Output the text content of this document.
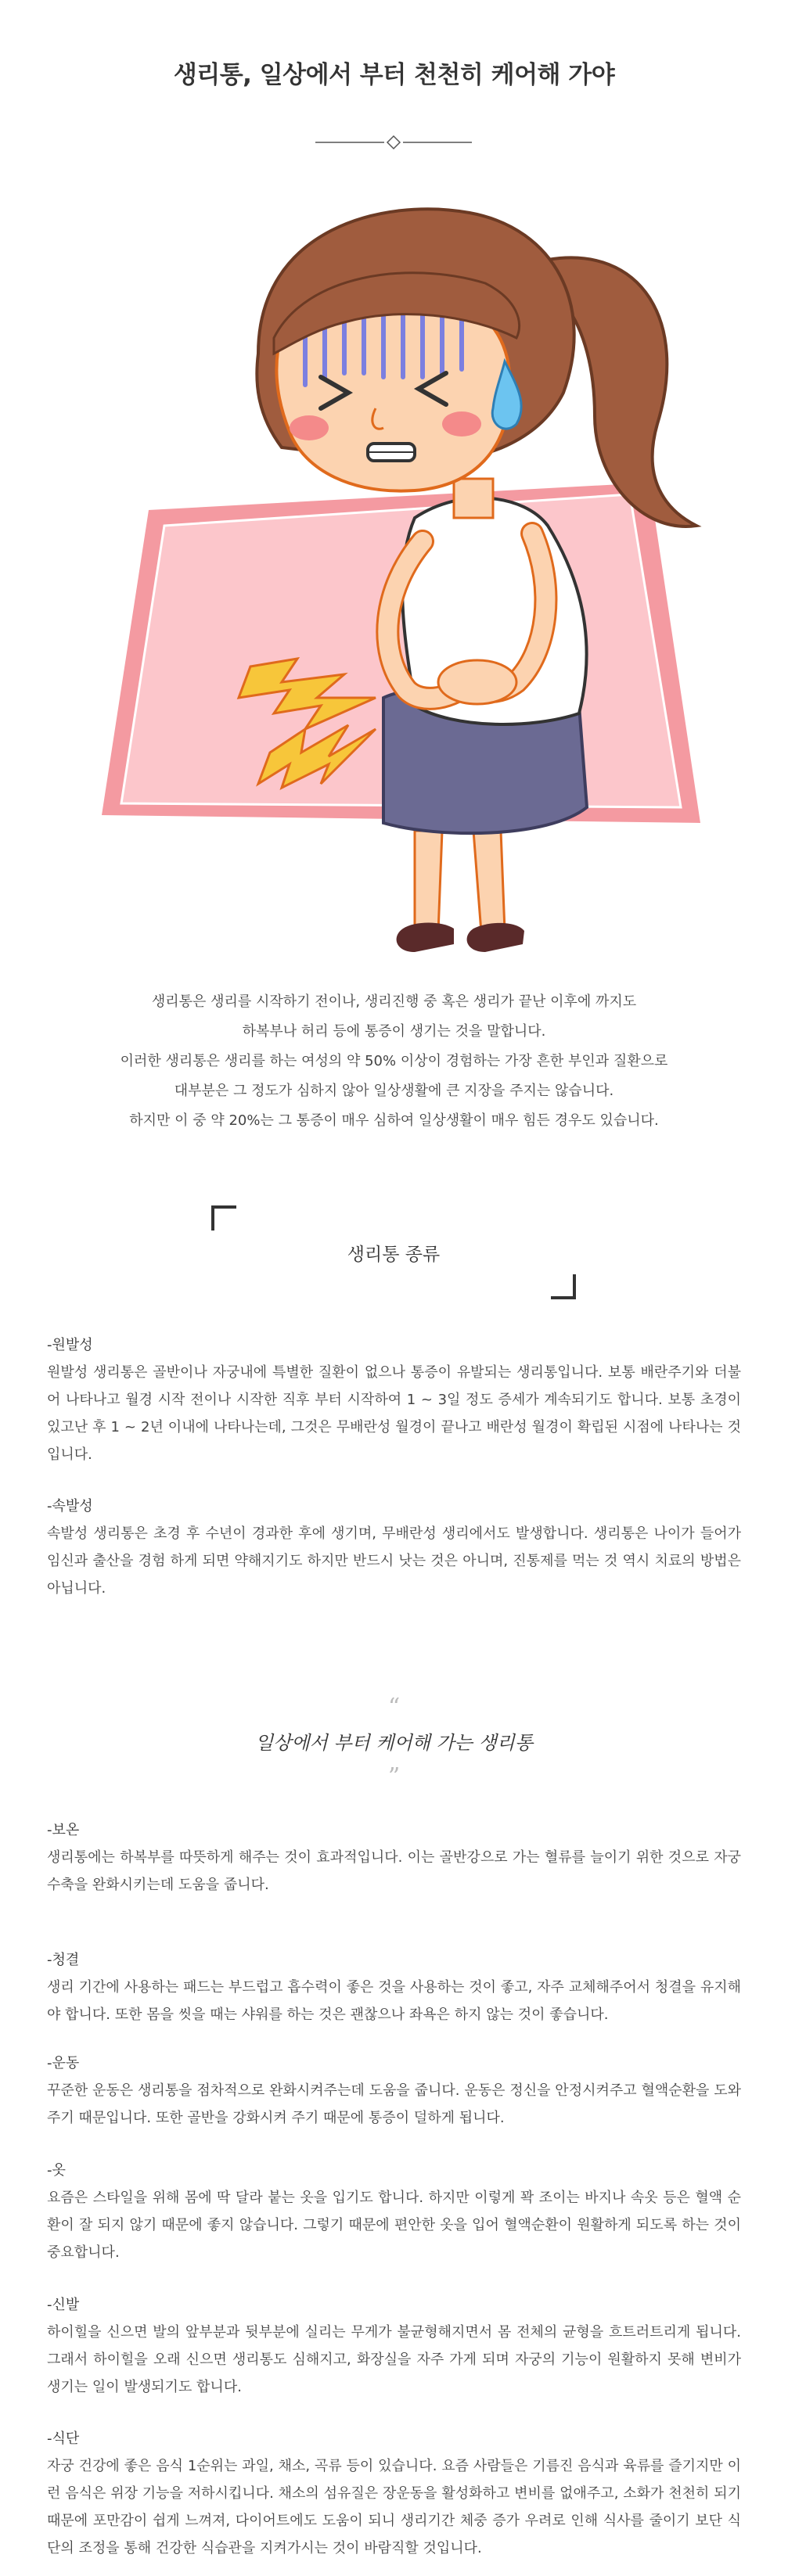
생리통, 일상에서 부터 천천히 케어해 가야

생리통은 생리를 시작하기 전이나, 생리진행 중 혹은 생리가 끝난 이후에 까지도

하복부나 허리 등에 통증이 생기는 것을 말합니다.

이러한 생리통은 생리를 하는 여성의 약 50% 이상이 경험하는 가장 흔한 부인과 질환으로

대부분은 그 정도가 심하지 않아 일상생활에 큰 지장을 주지는 않습니다.

하지만 이 중 약 20%는 그 통증이 매우 심하여 일상생활이 매우 힘든 경우도 있습니다.

생리통 종류
-원발성

원발성 생리통은 골반이나 자궁내에 특별한 질환이 없으나 통증이 유발되는 생리통입니다. 보통 배란주기와 더불어 나타나고 월경 시작 전이나 시작한 직후 부터 시작하여 1 ~ 3일 정도 증세가 계속되기도 합니다. 보통 초경이 있고난 후 1 ~ 2년 이내에 나타나는데, 그것은 무배란성 월경이 끝나고 배란성 월경이 확립된 시점에 나타나는 것입니다.

-속발성

속발성 생리통은 초경 후 수년이 경과한 후에 생기며, 무배란성 생리에서도 발생합니다. 생리통은 나이가 들어가 임신과 출산을 경험 하게 되면 약해지기도 하지만 반드시 낫는 것은 아니며, 진통제를 먹는 것 역시 치료의 방법은 아닙니다.

“
일상에서 부터 케어해 가는 생리통
”
-보온

생리통에는 하복부를 따뜻하게 해주는 것이 효과적입니다. 이는 골반강으로 가는 혈류를 늘이기 위한 것으로 자궁 수축을 완화시키는데 도움을 줍니다.

-청결

생리 기간에 사용하는 패드는 부드럽고 흡수력이 좋은 것을 사용하는 것이 좋고, 자주 교체해주어서 청결을 유지해야 합니다. 또한 몸을 씻을 때는 샤워를 하는 것은 괜찮으나 좌욕은 하지 않는 것이 좋습니다.

-운동

꾸준한 운동은 생리통을 점차적으로 완화시켜주는데 도움을 줍니다. 운동은 정신을 안정시켜주고 혈액순환을 도와주기 때문입니다. 또한 골반을 강화시켜 주기 때문에 통증이 덜하게 됩니다.

-옷

요즘은 스타일을 위해 몸에 딱 달라 붙는 옷을 입기도 합니다. 하지만 이렇게 꽉 조이는 바지나 속옷 등은 혈액 순환이 잘 되지 않기 때문에 좋지 않습니다. 그렇기 때문에 편안한 옷을 입어 혈액순환이 원활하게 되도록 하는 것이 중요합니다.

-신발

하이힐을 신으면 발의 앞부분과 뒷부분에 실리는 무게가 불균형해지면서 몸 전체의 균형을 흐트러트리게 됩니다. 그래서 하이힐을 오래 신으면 생리통도 심해지고, 화장실을 자주 가게 되며 자궁의 기능이 원활하지 못해 변비가 생기는 일이 발생되기도 합니다.

-식단

자궁 건강에 좋은 음식 1순위는 과일, 채소, 곡류 등이 있습니다. 요즘 사람들은 기름진 음식과 육류를 즐기지만 이런 음식은 위장 기능을 저하시킵니다. 채소의 섬유질은 장운동을 활성화하고 변비를 없애주고, 소화가 천천히 되기 때문에 포만감이 쉽게 느껴져, 다이어트에도 도움이 되니 생리기간 체중 증가 우려로 인해 식사를 줄이기 보단 식단의 조정을 통해 건강한 식습관을 지켜가시는 것이 바람직할 것입니다.
